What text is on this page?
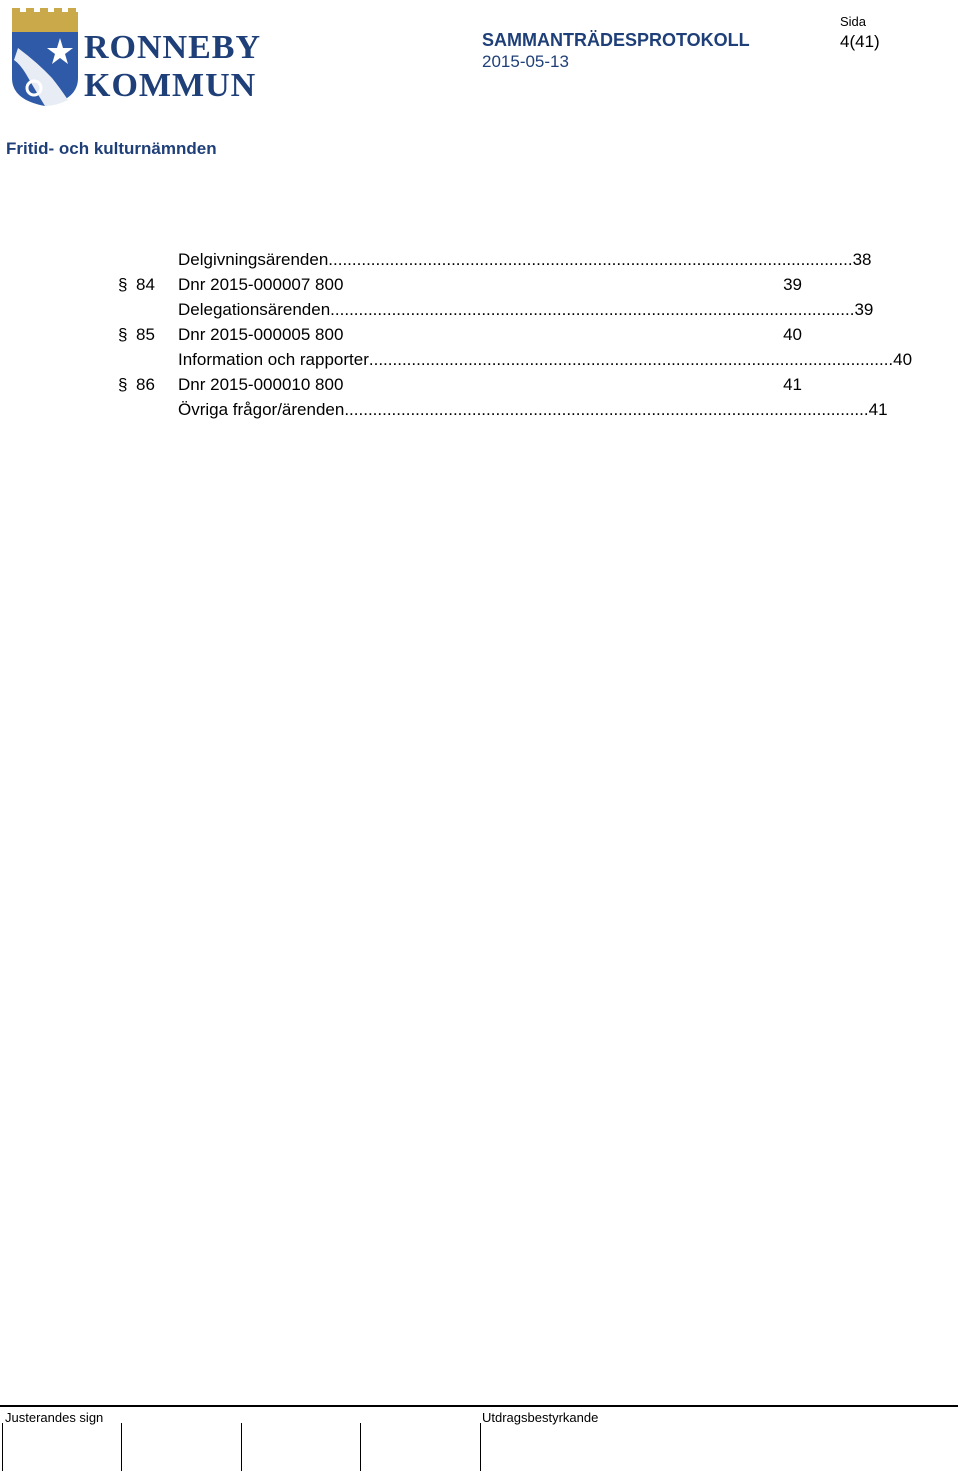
RONNEBY
KOMMUN
SAMMANTRÄDESPROTOKOLL
2015-05-13
Sida
4(41)
Fritid- och kulturnämnden
Delgivningsärenden ............................................................................................................... 38
§ 84 Dnr 2015-000007 800	39
Delegationsärenden ............................................................................................................... 39
§ 85 Dnr 2015-000005 800	40
Information och rapporter ............................................................................................................... 40
§ 86 Dnr 2015-000010 800	41
Övriga frågor/ärenden ............................................................................................................... 41
Justerandes sign	Utdragsbestyrkande
